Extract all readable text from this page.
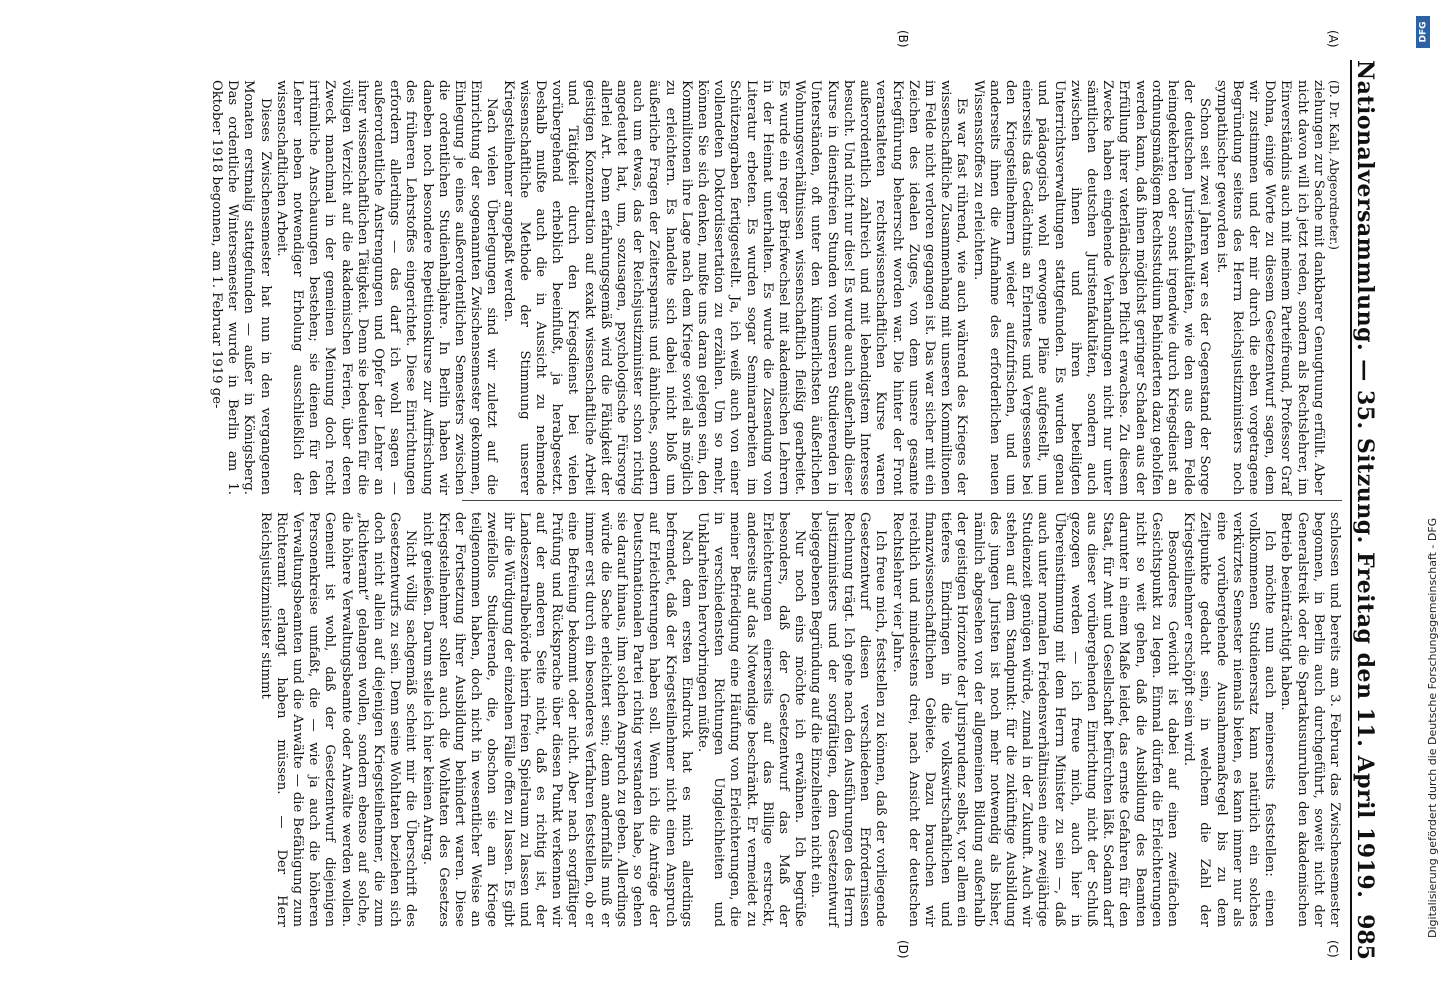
Nationalversammlung. — 35. Sitzung. Freitag den 11. April 1919.
985
(A)
(B)
(C)
(D)

(D. Dr. Kahl, Abgeordneter.)

ziehungen zur Sache mit dankbarer Genugtuung erfüllt. Aber nicht davon will ich jetzt reden, sondern als Rechtslehrer, im Einverständnis auch mit meinem Parteifreund, Professor Graf Dohna, einige Worte zu diesem Gesetzentwurf sagen, dem wir zustimmen und der mir durch die eben vorgetragene Begründung seitens des Herrn Reichsjustizministers noch sympathischer geworden ist.

Schon seit zwei Jahren war es der Gegenstand der Sorge der deutschen Juristenfakultäten, wie den aus dem Felde heimgekehrten oder sonst irgendwie durch Kriegsdienst an ordnungsmäßigem Rechtsstudium Behinderten dazu geholfen werden kann, daß ihnen möglichst geringer Schaden aus der Erfüllung ihrer vaterländischen Pflicht erwachse. Zu diesem Zwecke haben eingehende Verhandlungen nicht nur unter sämtlichen deutschen Juristenfakultäten, sondern auch zwischen ihnen und ihren beteiligten Unterrichtsverwaltungen stattgefunden. Es wurden genau und pädagogisch wohl erwogene Pläne aufgestellt, um einerseits das Gedächtnis an Erlerntes und Vergessenes bei den Kriegsteilnehmern wieder aufzufrischen, und um anderseits ihnen die Aufnahme des erforderlichen neuen Wissensstoffes zu erleichtern.

Es war fast rührend, wie auch während des Krieges der wissenschaftliche Zusammenhang mit unseren Kommilitonen im Felde nicht verloren gegangen ist. Das war sicher mit ein Zeichen des idealen Zuges, von dem unsere gesamte Kriegführung beherrscht worden war. Die hinter der Front veranstalteten rechtswissenschaftlichen Kurse waren außerordentlich zahlreich und mit lebendigstem Interesse besucht. Und nicht nur dies! Es wurde auch außerhalb dieser Kurse in dienstfreien Stunden von unseren Studierenden in Unterständen, oft unter den kümmerlichsten äußerlichen Wohnungsverhältnissen wissenschaftlich fleißig gearbeitet. Es wurde ein reger Briefwechsel mit akademischen Lehrern in der Heimat unterhalten. Es wurde die Zusendung von Literatur erbeten. Es wurden sogar Seminararbeiten im Schützengraben fertiggestellt. Ja, ich weiß auch von einer vollendeten Doktordissertation zu erzählen. Um so mehr, können Sie sich denken, mußte uns daran gelegen sein, den Kommilitonen ihre Lage nach dem Kriege soviel als möglich zu erleichtern. Es handelte sich dabei nicht bloß um äußerliche Fragen der Zeitersparnis und ähnliches, sondern auch um etwas, das der Reichsjustizminister schon richtig angedeutet hat, um, sozusagen, psychologische Fürsorge allerlei Art. Denn erfahrungsgemäß wird die Fähigkeit der geistigen Konzentration auf exakt wissenschaftliche Arbeit und Tätigkeit durch den Kriegsdienst bei vielen vorübergehend erheblich beeinflußt, ja herabgesetzt. Deshalb mußte auch die in Aussicht zu nehmende wissenschaftliche Methode der Stimmung unserer Kriegsteilnehmer angepaßt werden.

Nach vielen Überlegungen sind wir zuletzt auf die Einrichtung der sogenannten Zwischensemester gekommen, Einlegung je eines außerordentlichen Semesters zwischen die ordentlichen Studienhalbjahre. In Berlin haben wir daneben noch besondere Repetitionskurse zur Auffrischung des früheren Lehrstoffes eingerichtet. Diese Einrichtungen erfordern allerdings — das darf ich wohl sagen — außerordentliche Anstrengungen und Opfer der Lehrer an ihrer wissenschaftlichen Tätigkeit. Denn sie bedeuten für die völligen Verzicht auf die akademischen Ferien, über deren Zweck manchmal in der gemeinen Meinung doch recht irrtümliche Anschauungen bestehen; sie dienen für den Lehrer neben notwendiger Erholung ausschließlich der wissenschaftlichen Arbeit.

Dieses Zwischensemester hat nun in den vergangenen Monaten erstmalig stattgefunden — außer in Königsberg. Das ordentliche Wintersemester wurde in Berlin am 1. Oktober 1918 begonnen, am 1. Februar 1919 ge-

schlossen und bereits am 3. Februar das Zwischensemester begonnen, in Berlin auch durchgeführt, soweit nicht der Generalstreik oder die Spartakusunruhen den akademischen Betrieb beeinträchtigt haben.

Ich möchte nun auch meinerseits feststellen: einen vollkommenen Studienersatz kann natürlich ein solches verkürztes Semester niemals bieten, es kann immer nur als eine vorübergehende Ausnahmemaßregel bis zu dem Zeitpunkte gedacht sein, in welchem die Zahl der Kriegsteilnehmer erschöpft sein wird.

Besonderes Gewicht ist dabei auf einen zweifachen Gesichtspunkt zu legen. Einmal dürfen die Erleichterungen nicht so weit gehen, daß die Ausbildung des Beamten darunter in einem Maße leidet, das ernste Gefahren für den Staat, für Amt und Gesellschaft befürchten läßt. Sodann darf aus dieser vorübergehenden Einrichtung nicht der Schluß gezogen werden — ich freue mich, auch hier in Übereinstimmung mit dem Herrn Minister zu sein —, daß auch unter normalen Friedensverhältnissen eine zweijährige Studienzeit genügen würde, zumal in der Zukunft. Auch wir stehen auf dem Standpunkt: für die zukünftige Ausbildung des jungen Juristen ist noch mehr notwendig als bisher, nämlich abgesehen von der allgemeinen Bildung außerhalb der geistigen Horizonte der Jurisprudenz selbst, vor allem ein tieferes Eindringen in die volkswirtschaftlichen und finanzwissenschaftlichen Gebiete. Dazu brauchen wir reichlich und mindestens drei, nach Ansicht der deutschen Rechtslehrer vier Jahre.

Ich freue mich, feststellen zu können, daß der vorliegende Gesetzentwurf diesen verschiedenen Erfordernissen Rechnung trägt. Ich gehe nach den Ausführungen des Herrn Justizministers und der sorgfältigen, dem Gesetzentwurf beigegebenen Begründung auf die Einzelheiten nicht ein.

Nur noch eins möchte ich erwähnen. Ich begrüße besonders, daß der Gesetzentwurf das Maß der Erleichterungen einerseits auf das Billige erstreckt, anderseits auf das Notwendige beschränkt. Er vermeidet zu meiner Befriedigung eine Häufung von Erleichterungen, die in verschiedensten Richtungen Ungleichheiten und Unklarheiten hervorbringen müßte.

Nach dem ersten Eindruck hat es mich allerdings befremdet, daß der Kriegsteilnehmer nicht einen Anspruch auf Erleichterungen haben soll. Wenn ich die Anträge der Deutschnationalen Partei richtig verstanden habe, so gehen sie darauf hinaus, ihm solchen Anspruch zu geben. Allerdings würde die Sache erleichtert sein; denn andernfalls muß er immer erst durch ein besonderes Verfahren feststellen, ob er eine Befreiung bekommt oder nicht. Aber nach sorgfältiger Prüfung und Rücksprache über diesen Punkt verkennen wir auf der anderen Seite nicht, daß es richtig ist, der Landeszentralbehörde hierin freien Spielraum zu lassen und ihr die Würdigung der einzelnen Fälle offen zu lassen. Es gibt zweifellos Studierende, die, obschon sie am Kriege teilgenommen haben, doch nicht in wesentlicher Weise an der Fortsetzung ihrer Ausbildung behindert waren. Diese Kriegsteilnehmer sollen auch die Wohltaten des Gesetzes nicht genießen. Darum stelle ich hier keinen Antrag.

Nicht völlig sachgemäß scheint mir die Überschrift des Gesetzentwurfs zu sein. Denn seine Wohltaten beziehen sich doch nicht allein auf diejenigen Kriegsteilnehmer, die zum „Richteramt“ gelangen wollen, sondern ebenso auf solche, die höhere Verwaltungsbeamte oder Anwälte werden wollen. Gemeint ist wohl, daß der Gesetzentwurf diejenigen Personenkreise umfaßt, die — wie ja auch die höheren Verwaltungsbeamten und die Anwälte — die Befähigung zum Richteramt erlangt haben müssen. — Der Herr Reichsjustizminister stimmt	Digitalisierung gefördert durch die Deutsche Forschungsgemeinschaft - DFG
DFG
